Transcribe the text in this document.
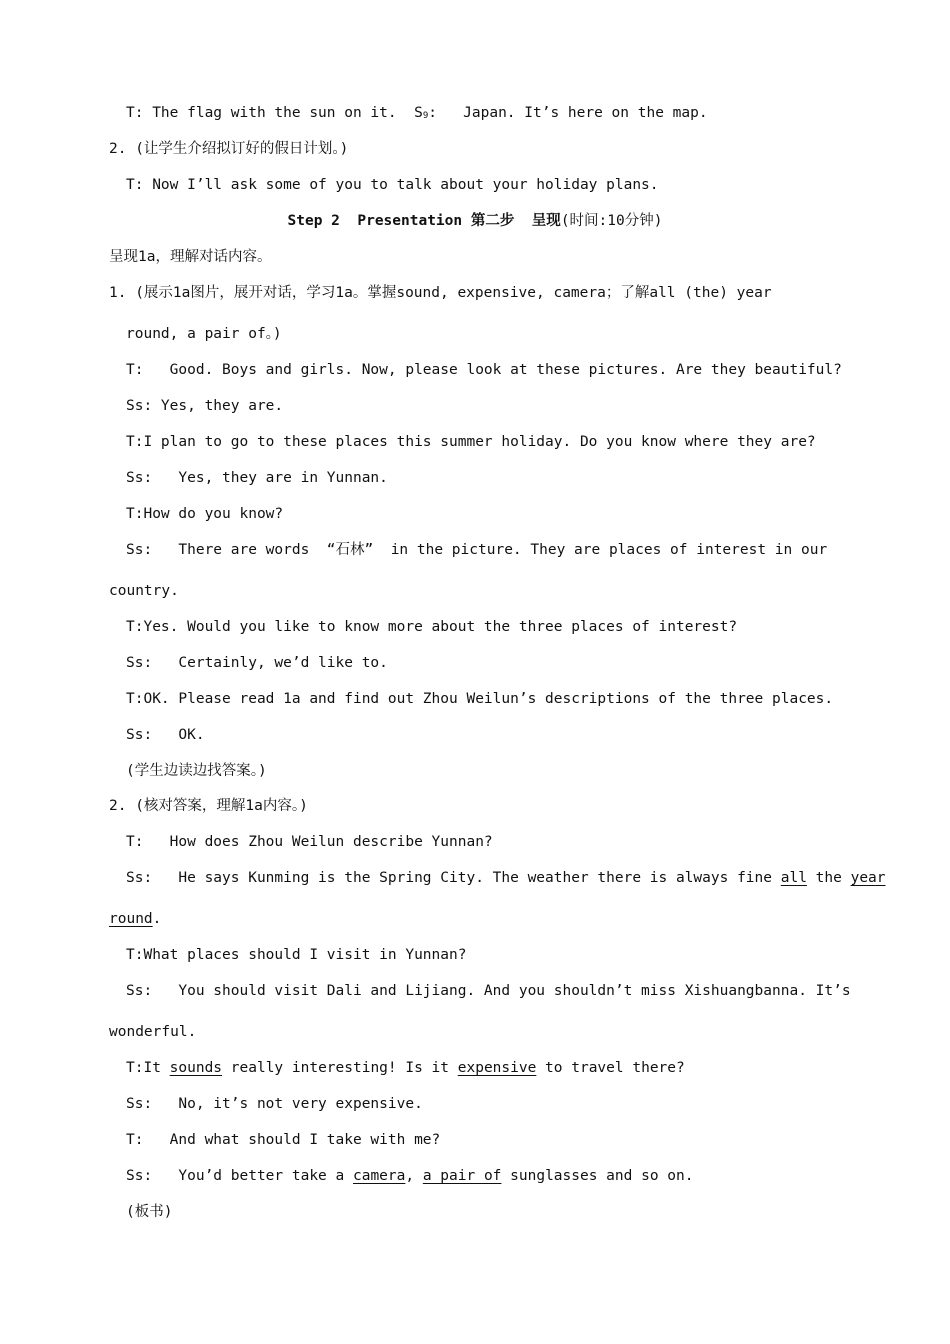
T: The flag with the sun on it.  $S_9$:   Japan. It’s here on the map.
2. (让学生介绍拟订好的假日计划。)
T: Now I’ll ask some of you to talk about your holiday plans.
Step 2  Presentation 第二步  呈现(时间:10分钟)
呈现1a，理解对话内容。
1. (展示1a图片，展开对话，学习1a。掌握sound, expensive, camera；了解all (the) year
round, a pair of。)
T:   Good. Boys and girls. Now, please look at these pictures. Are they beautiful?
Ss: Yes, they are.
T:I plan to go to these places this summer holiday. Do you know where they are?
Ss:   Yes, they are in Yunnan.
T:How do you know?
Ss:   There are words  “石林”  in the picture. They are places of interest in our
country.
T:Yes. Would you like to know more about the three places of interest?
Ss:   Certainly, we’d like to.
T:OK. Please read 1a and find out Zhou Weilun’s descriptions of the three places.
Ss:   OK.
(学生边读边找答案。)
2. (核对答案，理解1a内容。)
T:   How does Zhou Weilun describe Yunnan?
Ss:   He says Kunming is the Spring City. The weather there is always fine all the year
round.
T:What places should I visit in Yunnan?
Ss:   You should visit Dali and Lijiang. And you shouldn’t miss Xishuangbanna. It’s
wonderful.
T:It sounds really interesting! Is it expensive to travel there?
Ss:   No, it’s not very expensive.
T:   And what should I take with me?
Ss:   You’d better take a camera, a pair of sunglasses and so on.
(板书)
